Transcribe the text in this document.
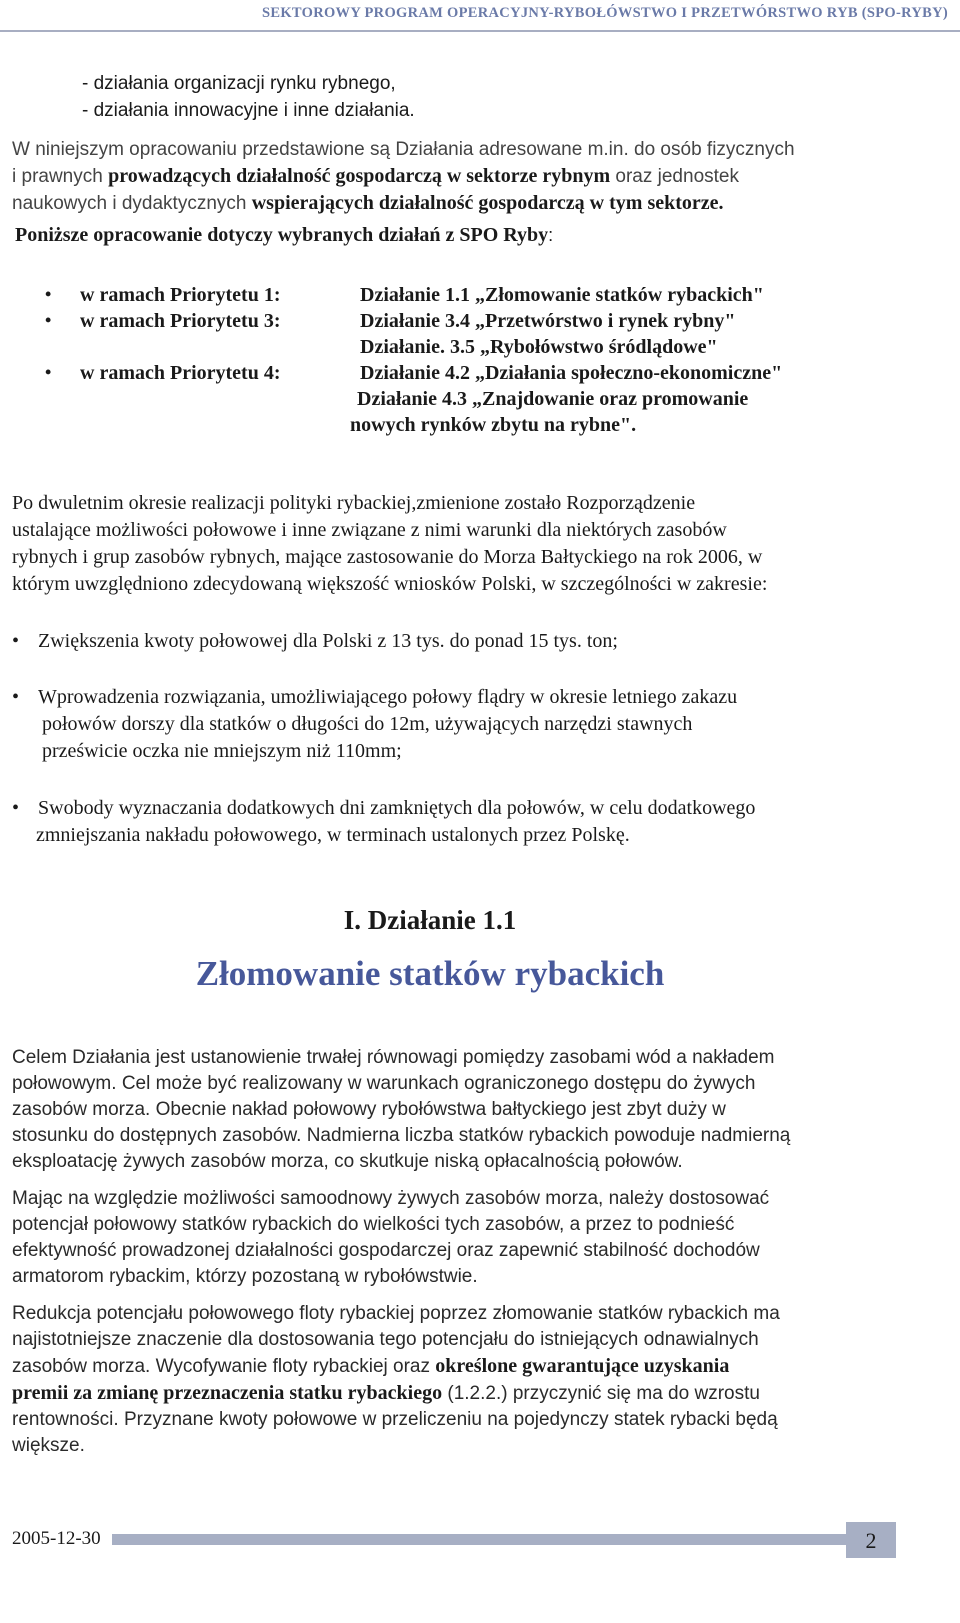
SEKTOROWY PROGRAM OPERACYJNY-RYBOŁÓWSTWO I PRZETWÓRSTWO RYB (SPO-RYBY)
- działania organizacji rynku rybnego,
- działania innowacyjne i inne działania.
W niniejszym opracowaniu przedstawione są Działania adresowane m.in. do osób fizycznych
i prawnych prowadzących działalność gospodarczą w sektorze rybnym oraz jednostek
naukowych i dydaktycznych wspierających działalność gospodarczą w tym sektorze.
Poniższe opracowanie dotyczy wybranych działań z SPO Ryby:
• w ramach Priorytetu 1:	Działanie 1.1 „Złomowanie statków rybackich"
• w ramach Priorytetu 3:	Działanie 3.4 „Przetwórstwo i rynek rybny"
Działanie. 3.5 „Rybołówstwo śródlądowe"
• w ramach Priorytetu 4:	Działanie 4.2 „Działania społeczno-ekonomiczne"
Działanie 4.3 „Znajdowanie oraz promowanie
nowych rynków zbytu na rybne".
Po dwuletnim okresie realizacji polityki rybackiej,zmienione zostało Rozporządzenie
ustalające możliwości połowowe i inne związane z nimi warunki dla niektórych zasobów
rybnych i grup zasobów rybnych, mające zastosowanie do Morza Bałtyckiego na rok 2006, w
którym uwzględniono zdecydowaną większość wniosków Polski, w szczególności w zakresie:
• Zwiększenia kwoty połowowej dla Polski z 13 tys. do ponad 15 tys. ton;
• Wprowadzenia rozwiązania, umożliwiającego połowy flądry w okresie letniego zakazu
połowów dorszy dla statków o długości do 12m, używających narzędzi stawnych
prześwicie oczka nie mniejszym niż 110mm;
• Swobody wyznaczania dodatkowych dni zamkniętych dla połowów, w celu dodatkowego
zmniejszania nakładu połowowego, w terminach ustalonych przez Polskę.
I. Działanie 1.1
Złomowanie statków rybackich
Celem Działania jest ustanowienie trwałej równowagi pomiędzy zasobami wód a nakładem
połowowym. Cel może być realizowany w warunkach ograniczonego dostępu do żywych
zasobów morza. Obecnie nakład połowowy rybołówstwa bałtyckiego jest zbyt duży w
stosunku do dostępnych zasobów. Nadmierna liczba statków rybackich powoduje nadmierną
eksploatację żywych zasobów morza, co skutkuje niską opłacalnością połowów.
Mając na względzie możliwości samoodnowy żywych zasobów morza, należy dostosować
potencjał połowowy statków rybackich do wielkości tych zasobów, a przez to podnieść
efektywność prowadzonej działalności gospodarczej oraz zapewnić stabilność dochodów
armatorom rybackim, którzy pozostaną w rybołówstwie.
Redukcja potencjału połowowego floty rybackiej poprzez złomowanie statków rybackich ma
najistotniejsze znaczenie dla dostosowania tego potencjału do istniejących odnawialnych
zasobów morza. Wycofywanie floty rybackiej oraz określone gwarantujące uzyskania
premii za zmianę przeznaczenia statku rybackiego (1.2.2.) przyczynić się ma do wzrostu
rentowności. Przyznane kwoty połowowe w przeliczeniu na pojedynczy statek rybacki będą
większe.
2005-12-30	2
